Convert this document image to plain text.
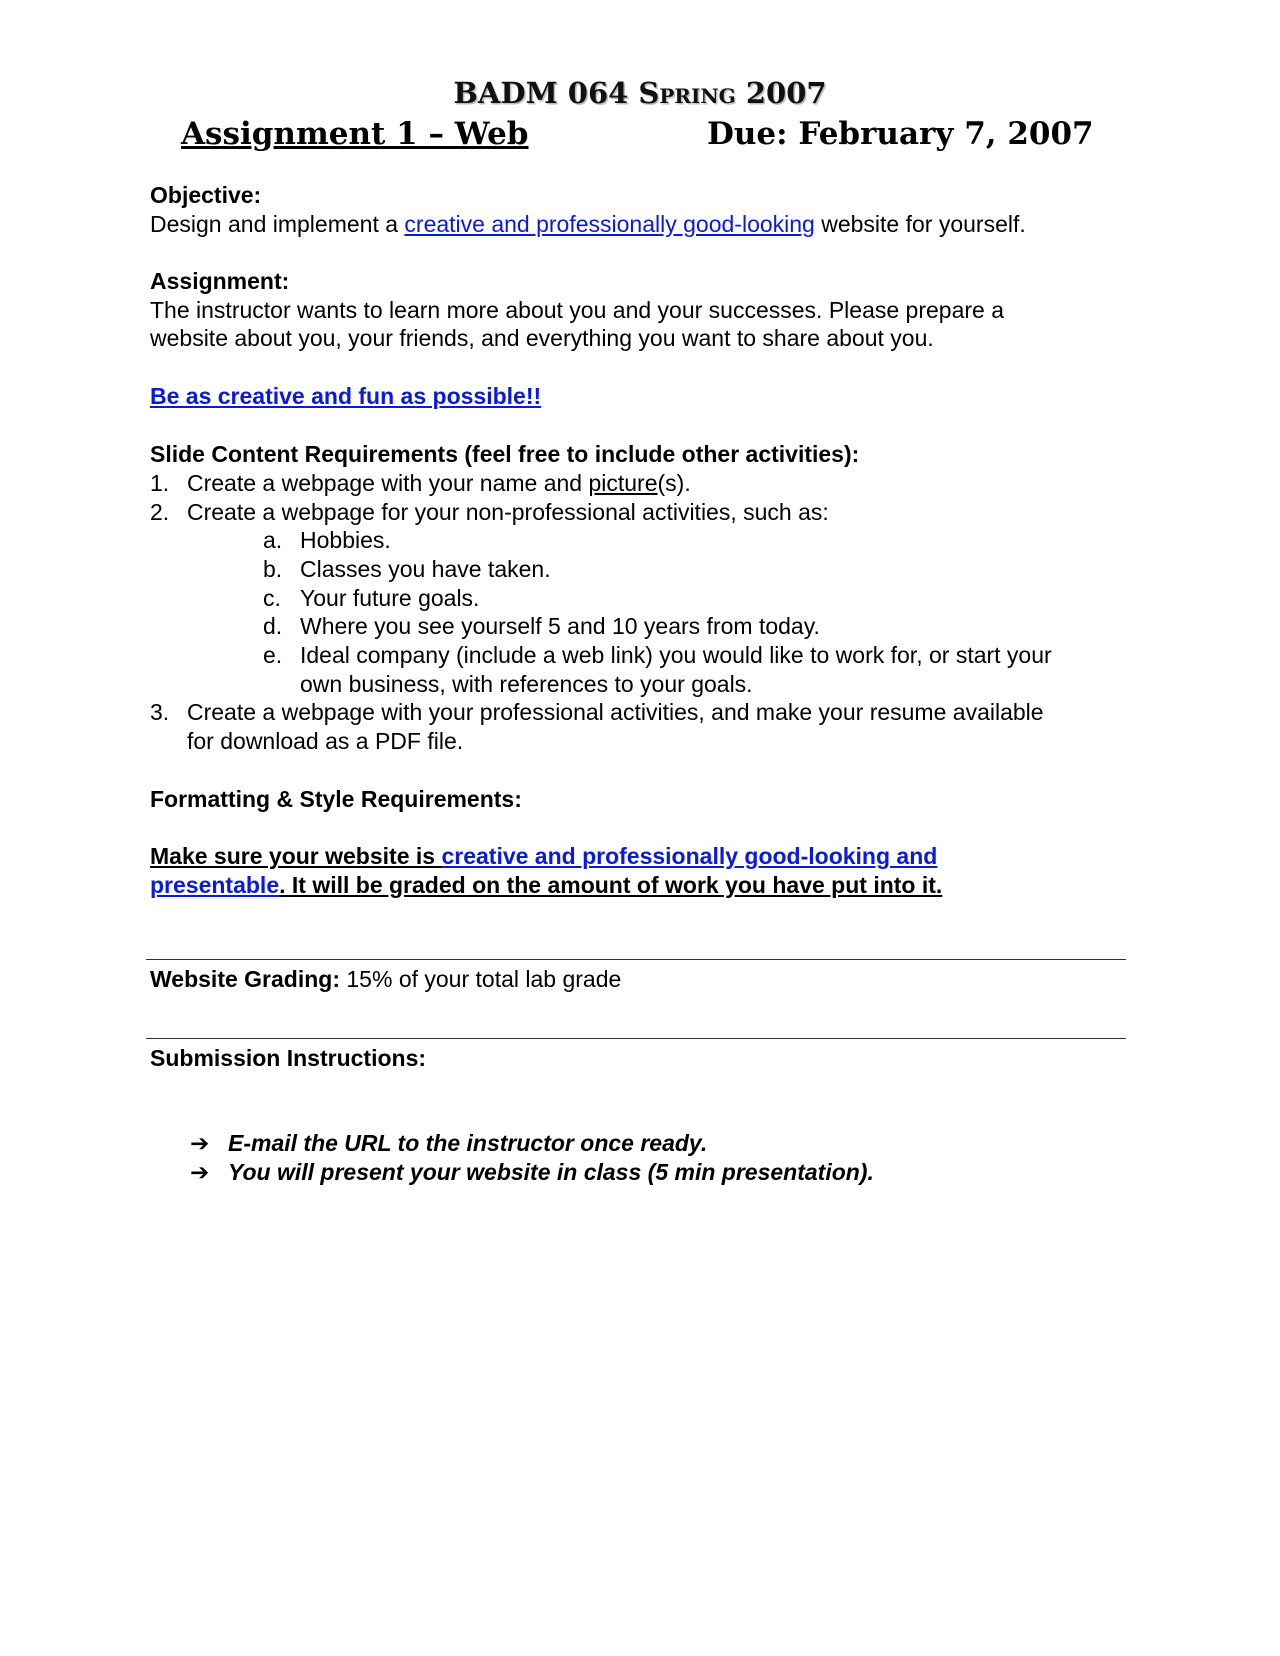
BADM 064 Spring 2007
Assignment 1 – Web	Due: February 7, 2007
Objective:
Design and implement a creative and professionally good-looking website for yourself.
Assignment:
The instructor wants to learn more about you and your successes. Please prepare a
website about you, your friends, and everything you want to share about you.
Be as creative and fun as possible!!
Slide Content Requirements (feel free to include other activities):
1. Create a webpage with your name and picture(s).
2. Create a webpage for your non-professional activities, such as:
a. Hobbies.
b. Classes you have taken.
c. Your future goals.
d. Where you see yourself 5 and 10 years from today.
e. Ideal company (include a web link) you would like to work for, or start your
own business, with references to your goals.
3. Create a webpage with your professional activities, and make your resume available
for download as a PDF file.
Formatting & Style Requirements:
Make sure your website is creative and professionally good-looking and
presentable. It will be graded on the amount of work you have put into it.
Website Grading: 15% of your total lab grade
Submission Instructions:
➔ E-mail the URL to the instructor once ready.
➔ You will present your website in class (5 min presentation).
